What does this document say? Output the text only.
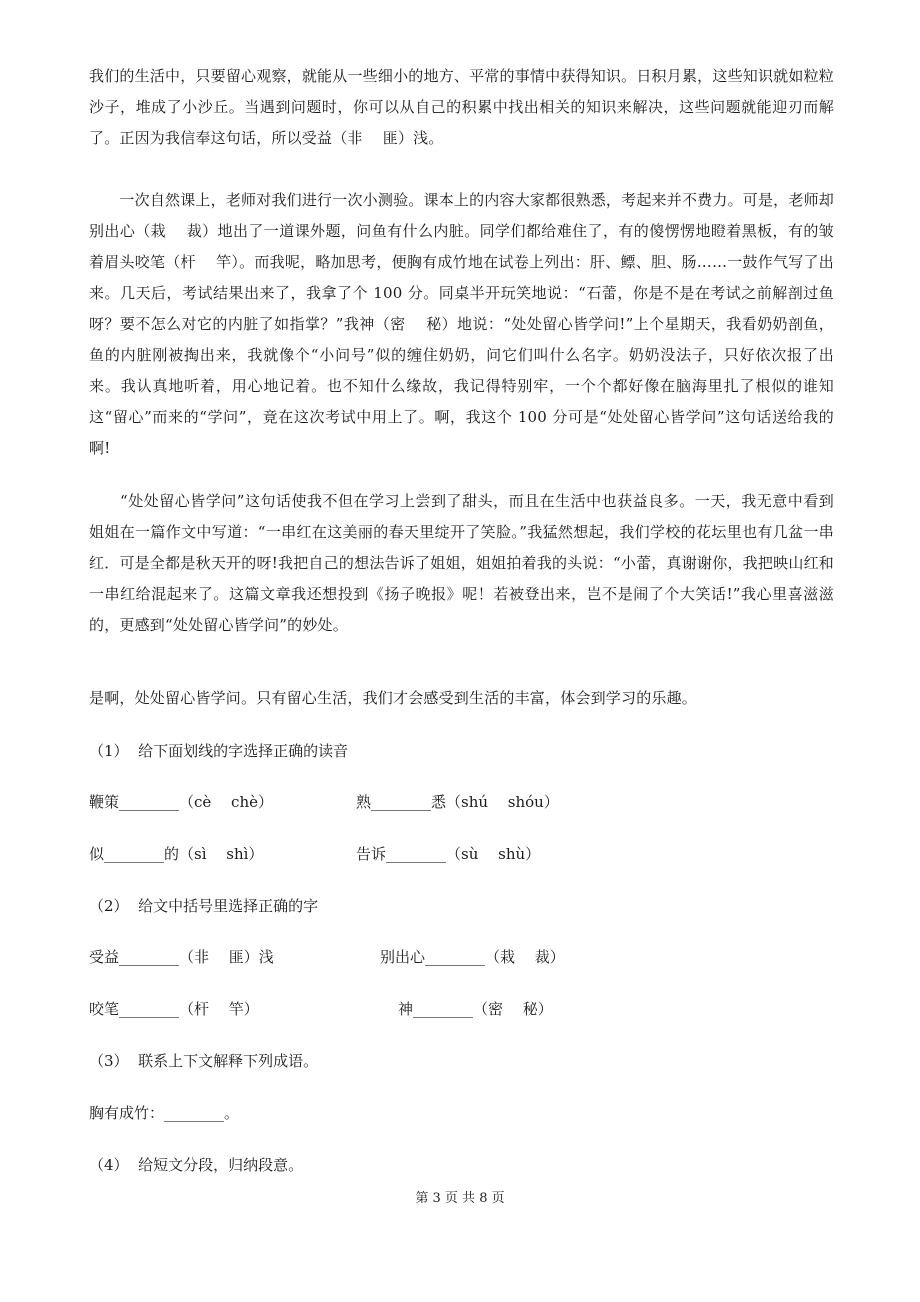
我们的生活中，只要留心观察，就能从一些细小的地方、平常的事情中获得知识。日积月累，这些知识就如粒粒沙子，堆成了小沙丘。当遇到问题时，你可以从自己的积累中找出相关的知识来解决，这些问题就能迎刃而解了。正因为我信奉这句话，所以受益（非　 匪）浅。

　　一次自然课上，老师对我们进行一次小测验。课本上的内容大家都很熟悉，考起来并不费力。可是，老师却别出心（栽　 裁）地出了一道课外题，问鱼有什么内脏。同学们都给难住了，有的傻愣愣地瞪着黑板，有的皱着眉头咬笔（杆　 竿）。而我呢，略加思考，便胸有成竹地在试卷上列出：肝、鳔、胆、肠……一鼓作气写了出来。几天后，考试结果出来了，我拿了个 100 分。同桌半开玩笑地说：“石蕾，你是不是在考试之前解剖过鱼呀？要不怎么对它的内脏了如指掌？”我神（密　 秘）地说：“处处留心皆学问!”上个星期天，我看奶奶剖鱼，鱼的内脏刚被掏出来，我就像个“小问号”似的缠住奶奶，问它们叫什么名字。奶奶没法子，只好依次报了出来。我认真地听着，用心地记着。也不知什么缘故，我记得特别牢，一个个都好像在脑海里扎了根似的谁知这“留心”而来的“学问”，竟在这次考试中用上了。啊，我这个 100 分可是“处处留心皆学问”这句话送给我的啊!

　　“处处留心皆学问”这句话使我不但在学习上尝到了甜头，而且在生活中也获益良多。一天，我无意中看到姐姐在一篇作文中写道：“一串红在这美丽的春天里绽开了笑脸。”我猛然想起，我们学校的花坛里也有几盆一串红．可是全都是秋天开的呀!我把自己的想法告诉了姐姐，姐姐拍着我的头说：“小蕾，真谢谢你，我把映山红和一串红给混起来了。这篇文章我还想投到《扬子晚报》呢！若被登出来，岂不是闹了个大笑话!”我心里喜滋滋的，更感到“处处留心皆学问”的妙处。

是啊，处处留心皆学问。只有留心生活，我们才会感受到生活的丰富，体会到学习的乐趣。

（1）  给下面划线的字选择正确的读音
鞭策________（cè　 chè）	熟________悉（shú　 shóu）
似________的（sì　 shì）	告诉________（sù　 shù）
（2）  给文中括号里选择正确的字
受益________（非　 匪）浅	别出心________（栽　 裁）
咬笔________（杆　 竿）	神________（密　 秘）
（3）  联系上下文解释下列成语。
胸有成竹：________。
（4）  给短文分段，归纳段意。
第 3 页 共 8 页
